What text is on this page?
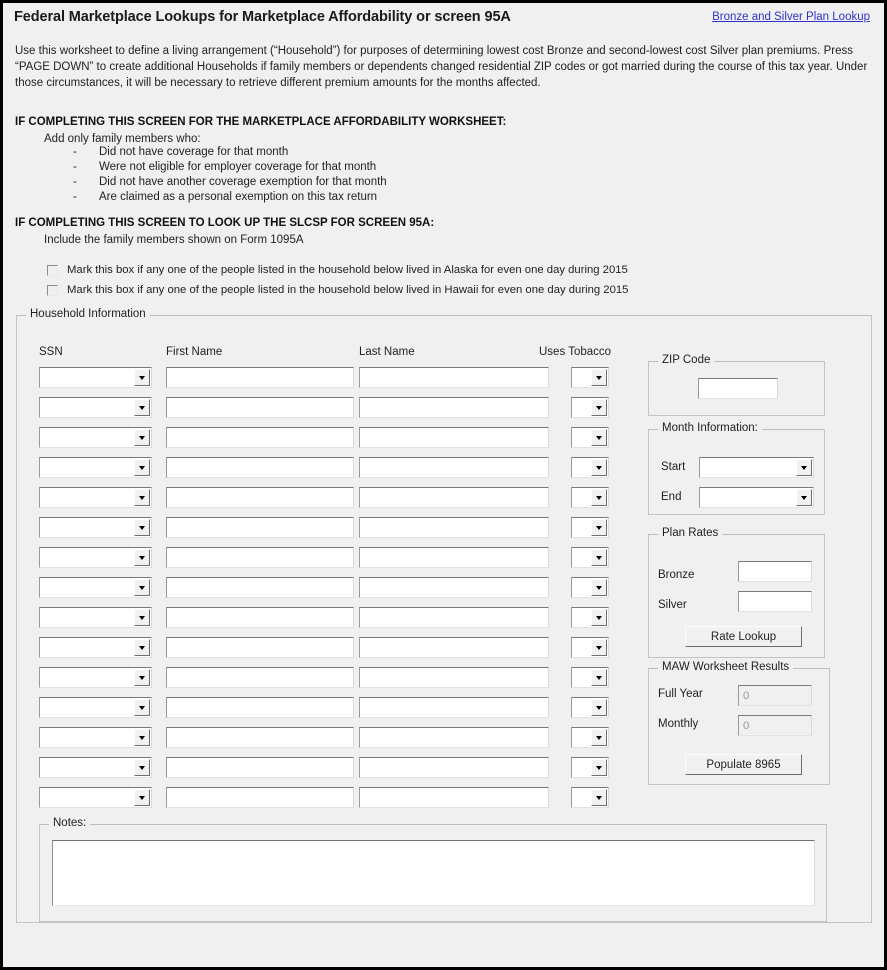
Federal Marketplace Lookups for Marketplace Affordability or screen 95A	Bronze and Silver Plan Lookup
Use this worksheet to define a living arrangement (“Household”) for purposes of determining lowest cost Bronze and second-lowest cost Silver plan premiums. Press “PAGE DOWN” to create additional Households if family members or dependents changed residential ZIP codes or got married during the course of this tax year. Under those circumstances, it will be necessary to retrieve different premium amounts for the months affected.
IF COMPLETING THIS SCREEN FOR THE MARKETPLACE AFFORDABILITY WORKSHEET:
Add only family members who:
- Did not have coverage for that month
- Were not eligible for employer coverage for that month
- Did not have another coverage exemption for that month
- Are claimed as a personal exemption on this tax return
IF COMPLETING THIS SCREEN TO LOOK UP THE SLCSP FOR SCREEN 95A:
Include the family members shown on Form 1095A
Mark this box if any one of the people listed in the household below lived in Alaska for even one day during 2015
Mark this box if any one of the people listed in the household below lived in Hawaii for even one day during 2015
Household Information
SSN	First Name	Last Name	Uses Tobacco
ZIP Code
Month Information:
Start
End
Plan Rates
Bronze
Silver
Rate Lookup
MAW Worksheet Results
Full Year	0
Monthly	0
Populate 8965
Notes:
